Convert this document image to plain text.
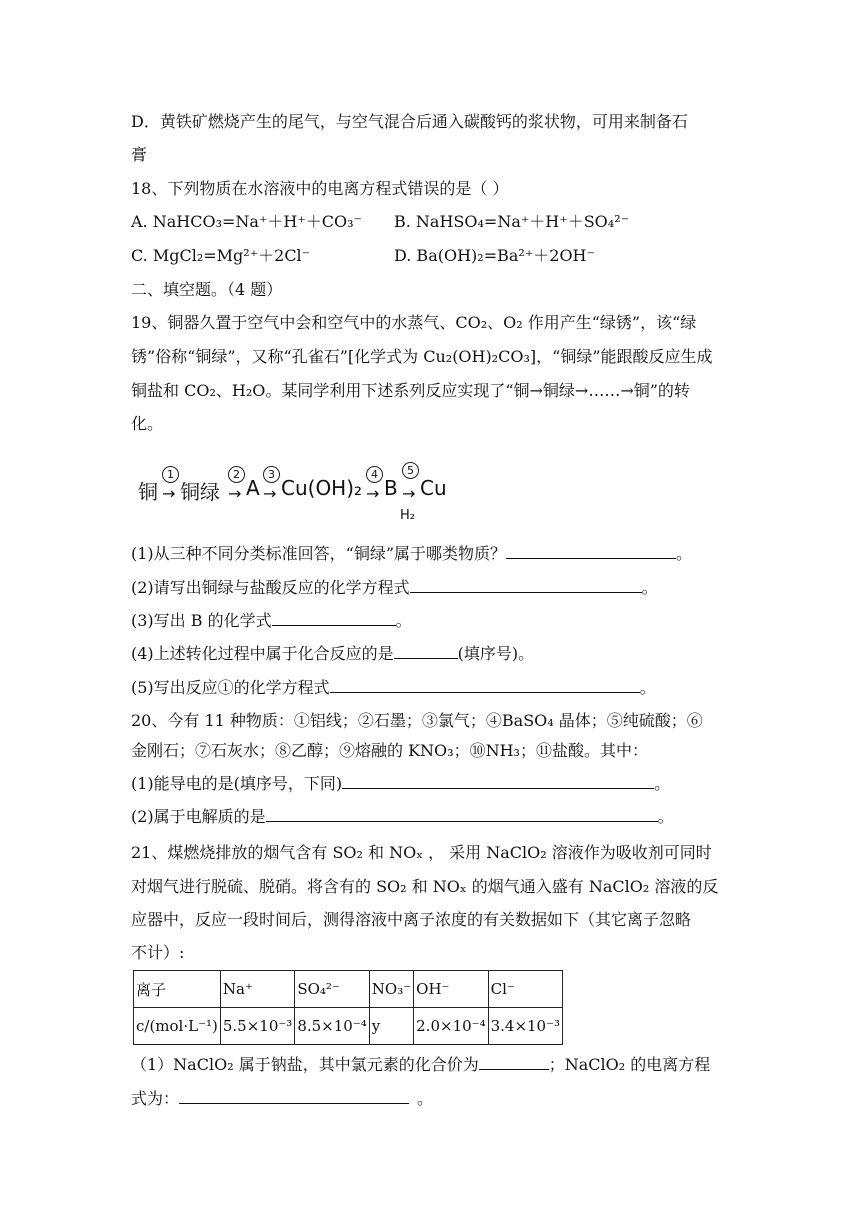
D．黄铁矿燃烧产生的尾气，与空气混合后通入碳酸钙的浆状物，可用来制备石
膏
18、下列物质在水溶液中的电离方程式错误的是（ ）
A. NaHCO₃=Na⁺＋H⁺＋CO₃⁻ B. NaHSO₄=Na⁺＋H⁺＋SO₄²⁻
C. MgCl₂=Mg²⁺＋2Cl⁻	D. Ba(OH)₂=Ba²⁺＋2OH⁻
二、填空题。（4 题）
19、铜器久置于空气中会和空气中的水蒸气、CO₂、O₂ 作用产生“绿锈”，该“绿
锈”俗称“铜绿”，又称“孔雀石”[化学式为 Cu₂(OH)₂CO₃]，“铜绿”能跟酸反应生成
铜盐和 CO₂、H₂O。某同学利用下述系列反应实现了“铜→铜绿→……→铜”的转
化。
铜
1
→ 铜绿
2
→ A
3
→ Cu(OH)₂
4
→ B
5
→ Cu
H₂
(1)从三种不同分类标准回答，“铜绿”属于哪类物质？	。
(2)请写出铜绿与盐酸反应的化学方程式	。
(3)写出 B 的化学式	。
(4)上述转化过程中属于化合反应的是	(填序号)。
(5)写出反应①的化学方程式	。
20、今有 11 种物质：①铝线；②石墨；③氯气；④BaSO₄ 晶体；⑤纯硫酸；⑥
金刚石；⑦石灰水；⑧乙醇；⑨熔融的 KNO₃；⑩NH₃；⑪盐酸。其中：
(1)能导电的是(填序号，下同)	。
(2)属于电解质的是	。
21、煤燃烧排放的烟气含有 SO₂ 和 NOₓ ， 采用 NaClO₂ 溶液作为吸收剂可同时
对烟气进行脱硫、脱硝。将含有的 SO₂ 和 NOₓ 的烟气通入盛有 NaClO₂ 溶液的反
应器中，反应一段时间后，测得溶液中离子浓度的有关数据如下（其它离子忽略
不计）:
离子	Na⁺	SO₄²⁻	NO₃⁻	OH⁻	Cl⁻
c/(mol·L⁻¹)	5.5×10⁻³	8.5×10⁻⁴	y	2.0×10⁻⁴	3.4×10⁻³
（1）NaClO₂ 属于钠盐，其中氯元素的化合价为	；NaClO₂ 的电离方程
式为：	。
